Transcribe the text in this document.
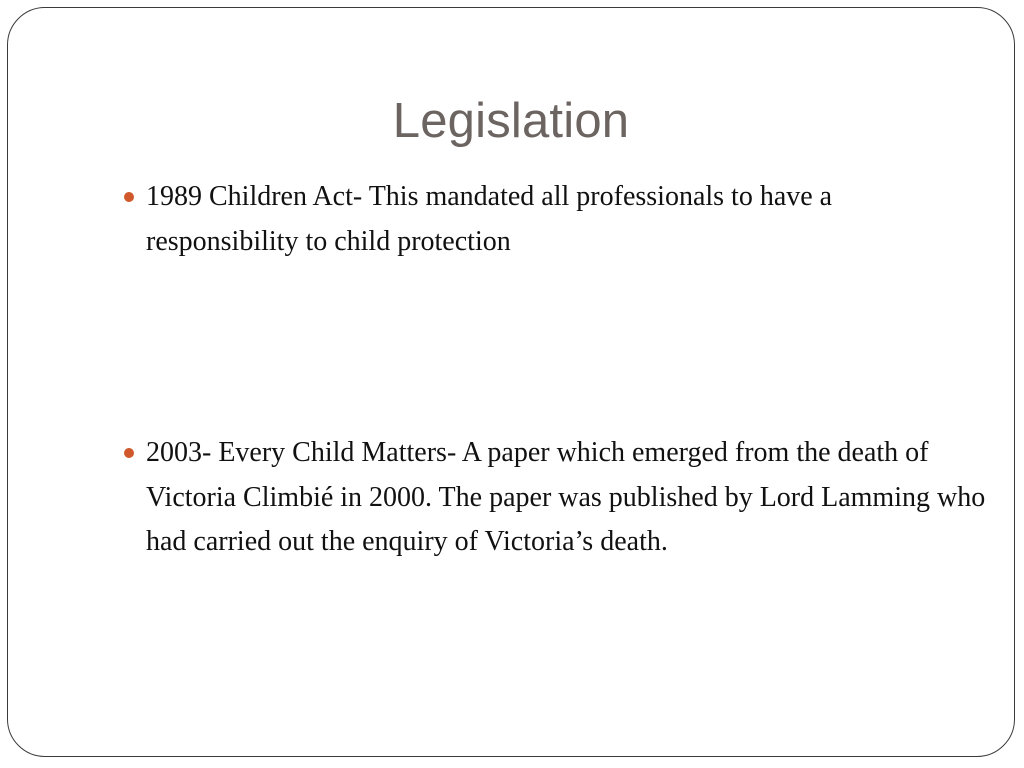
Legislation
1989 Children Act- This mandated all professionals to have a responsibility to child protection
2003- Every Child Matters- A paper which emerged from the death of Victoria Climbié in 2000. The paper was published by Lord Lamming who had carried out the enquiry of Victoria’s death.
